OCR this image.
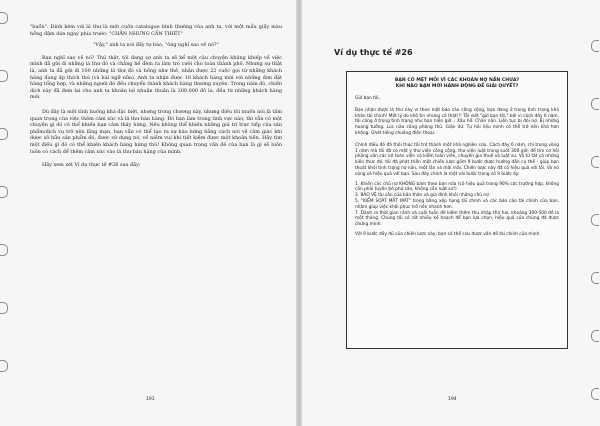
"buồn". Đính kèm với lá thư là một cuốn catalogue bình thường của anh ta, với một mẩu giấy màu hồng đậm dán ngay phía trước: "CHẮN NHƯNG CẦN THIẾT"

"Vậy," anh ta nói đầy tự hào, "ông nghĩ sao về nó?"

Bạn nghĩ sao về nó? Thú thật, tôi đang sợ anh ta sẽ kể một câu chuyện khủng khiếp về việc mình đã gửi đi những lá thư đó và chẳng hề đem ra làm trò cười cho toàn thành phố. Nhưng sự thật là, anh ta đã gửi đi 100 những lá thư đó và hồng như thế, nhận được 22 cuộc gọi từ những khách hàng đang ấp thích thú (và hài ngữ nữa). Anh ta nhận được 18 khách hàng mới với những đơn đặt hàng tổng hợp, và những người đó đều chuyển thành khách hàng thường xuyên. Trong năm đó, chiến dịch này đã đem lại cho anh ta khoản lợi nhuận thuần là 200.000 đô la, đều từ những khách hàng mới.

Dù đây là một tình huống khá đặc biệt, nhưng trong chương này, nhưng điều tôi muốn nói là tầm quan trọng của việc thêm cảm xúc và lá thư bán hàng. Đó bạn làm trong tình vực nào, thì vẫn có một chuyện gì đó có thể khiến bạn cảm thấy hứng. Nếu không thể khiến những giá trị trực tiếp của sản phẩm/dịch vụ trở nên lãng mạn, bạn vẫn có thể tạo ra sự hào hứng bằng cách nói về cảm giác khi được sở hữu sản phẩm đó, được sử dụng nó, về niềm vui khi tiết kiệm được một khoản tiền. Hãy tìm một điều gì đó có thể khiến khách hàng hứng thú! Không quan trọng vấn đề của bạn là gì sẽ luôn luôn có cách để thêm cảm xúc vào lá thư bán hàng của mình.

Hãy xem xét Ví dụ thực tế #26 sau đây:

193	194
Ví dụ thực tế #26

BẠN CÓ MỆT MỎI VÌ CÁC KHOẢN NỢ NẦN CHƯA?

KHI NÀO BẠN MỚI HÀNH ĐỘNG ĐỂ GIẢI QUYẾT?

Gửi bạn tôi,

Bạn nhận được lá thư này vì theo một báo cáo công cộng, bạn đang ở trong tình trạng khó khăn tài chính! Một lý do khó tin nhưng có thật!!! Tôi viết "gửi bạn tôi," bởi vì cách đây 6 năm, tôi cũng ở trong tình trạng như bạn hiện giờ... Xấu hổ. Chán nản. Liên tục bị đòi nợ. Bị những hoang tưởng. Lúc nào cũng phòng thủ. Giận dữ. Tự hỏi liệu mình có thể trở nên khá hơn không. Ghét tiếng chuông điện thoại.

Chính điều đó đã thôi thúc tôi trở thành một nhà nghiên cứu. Cách đây 6 năm, chỉ trong vòng 1 năm mà tôi đã có một ý thư viện công cộng, thư viện luật trong suốt 300 giờ, để tìm cơ hội phòng vấn các kế toán viên và kiểm toán viên, chuyên gia thuế và luật sư. Và từ tất cả những kiến thức đó, tôi đã phát triển một chiến lược gồm 9 bước được hướng dẫn cụ thể - giúp bạn thoát khỏi tình trạng nợ nần, một lần và mãi mãi. Chiến lược này đã có hiệu quả với tôi. Và nó cũng sẽ hiệu quả với bạn. Sau đây chính là một vài bước trong số 9 bước ấy:

1. Khiến các chủ nợ KHÔNG bám theo bạn nữa (có hiệu quả trong 90% các trường hợp, không cần phải tuyên bố phá sản, không cần luật sư!)
3. BẢO VỆ tài sản của bản thân và gia đình khỏi những chủ nợ.
5. "KIỂM SOÁT MẤT MÁT" trong bằng xếp hạng tài chính và các báo cáo tài chính của bạn, nhằm giúp việc khôi phục trở nên nhanh hơn.
7. Dành ra thời gian rảnh và cuối tuần để kiếm thêm thu nhập thứ hai, khoảng 300-500 đô la một tháng. Chúng tôi có rất nhiều kế hoạch để bạn lựa chọn, hiệu quả của chúng đã được chứng minh.

Với 9 bước đầy đủ của chiến lược này, bạn có thể cứu được vấn đề tài chính của mình.
